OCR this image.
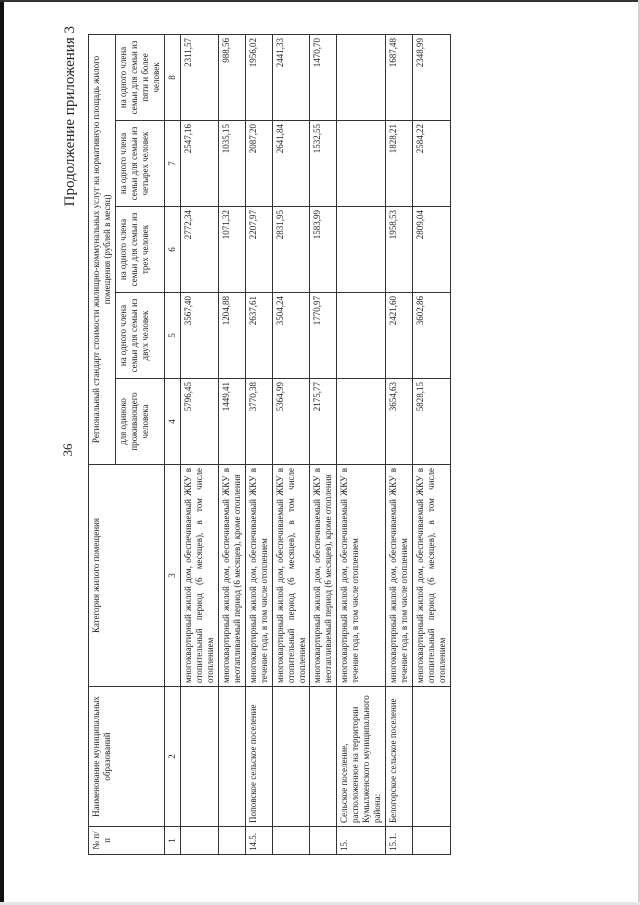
36
Продолжение приложения 3
№ п/п	Наименование муниципальных образований	Категория жилого помещения	Региональный стандарт стоимости жилищно-коммунальных услуг на нормативную площадь жилого помещения (рублей в месяц)				
			для одиноко проживающего человека	на одного члена семьи для семьи из двух человек	на одного члена семьи для семьи из трех человек	на одного члена семьи для семьи из четырех человек	на одного члена семьи для семьи из пяти и более человек
1	2	3	4	5	6	7	8
		многоквартирный жилой дом, обеспечиваемый ЖКУ в отопительный период (6 месяцев), в том числе отоплением	5796,45	3567,40	2772,34	2547,16	2311,57
		многоквартирный жилой дом, обеспечиваемый ЖКУ в неотапливаемый период (6 месяцев), кроме отопления	1449,41	1204,88	1071,32	1035,15	988,56
14.5.	Поповское сельское поселение	многоквартирный жилой дом, обеспечиваемый ЖКУ в течение года, в том числе отоплением	3770,38	2637,61	2207,97	2087,20	1956,02
		многоквартирный жилой дом, обеспечиваемый ЖКУ в отопительный период (6 месяцев), в том числе отоплением	5364,99	3504,24	2831,95	2641,84	2441,33
		многоквартирный жилой дом, обеспечиваемый ЖКУ в неотапливаемый период (6 месяцев), кроме отопления	2175,77	1770,97	1583,99	1532,55	1470,70
15.	Сельское поселение, расположенное на территории Кумылженского муниципального района:	многоквартирный жилой дом, обеспечиваемый ЖКУ в течение года, в том числе отоплением					
15.1.	Белогорское сельское поселение	многоквартирный жилой дом, обеспечиваемый ЖКУ в течение года, в том числе отоплением	3654,63	2421,60	1958,53	1828,21	1687,48
		многоквартирный жилой дом, обеспечиваемый ЖКУ в отопительный период (6 месяцев), в том числе отоплением	5828,15	3602,86	2809,04	2584,22	2348,99
